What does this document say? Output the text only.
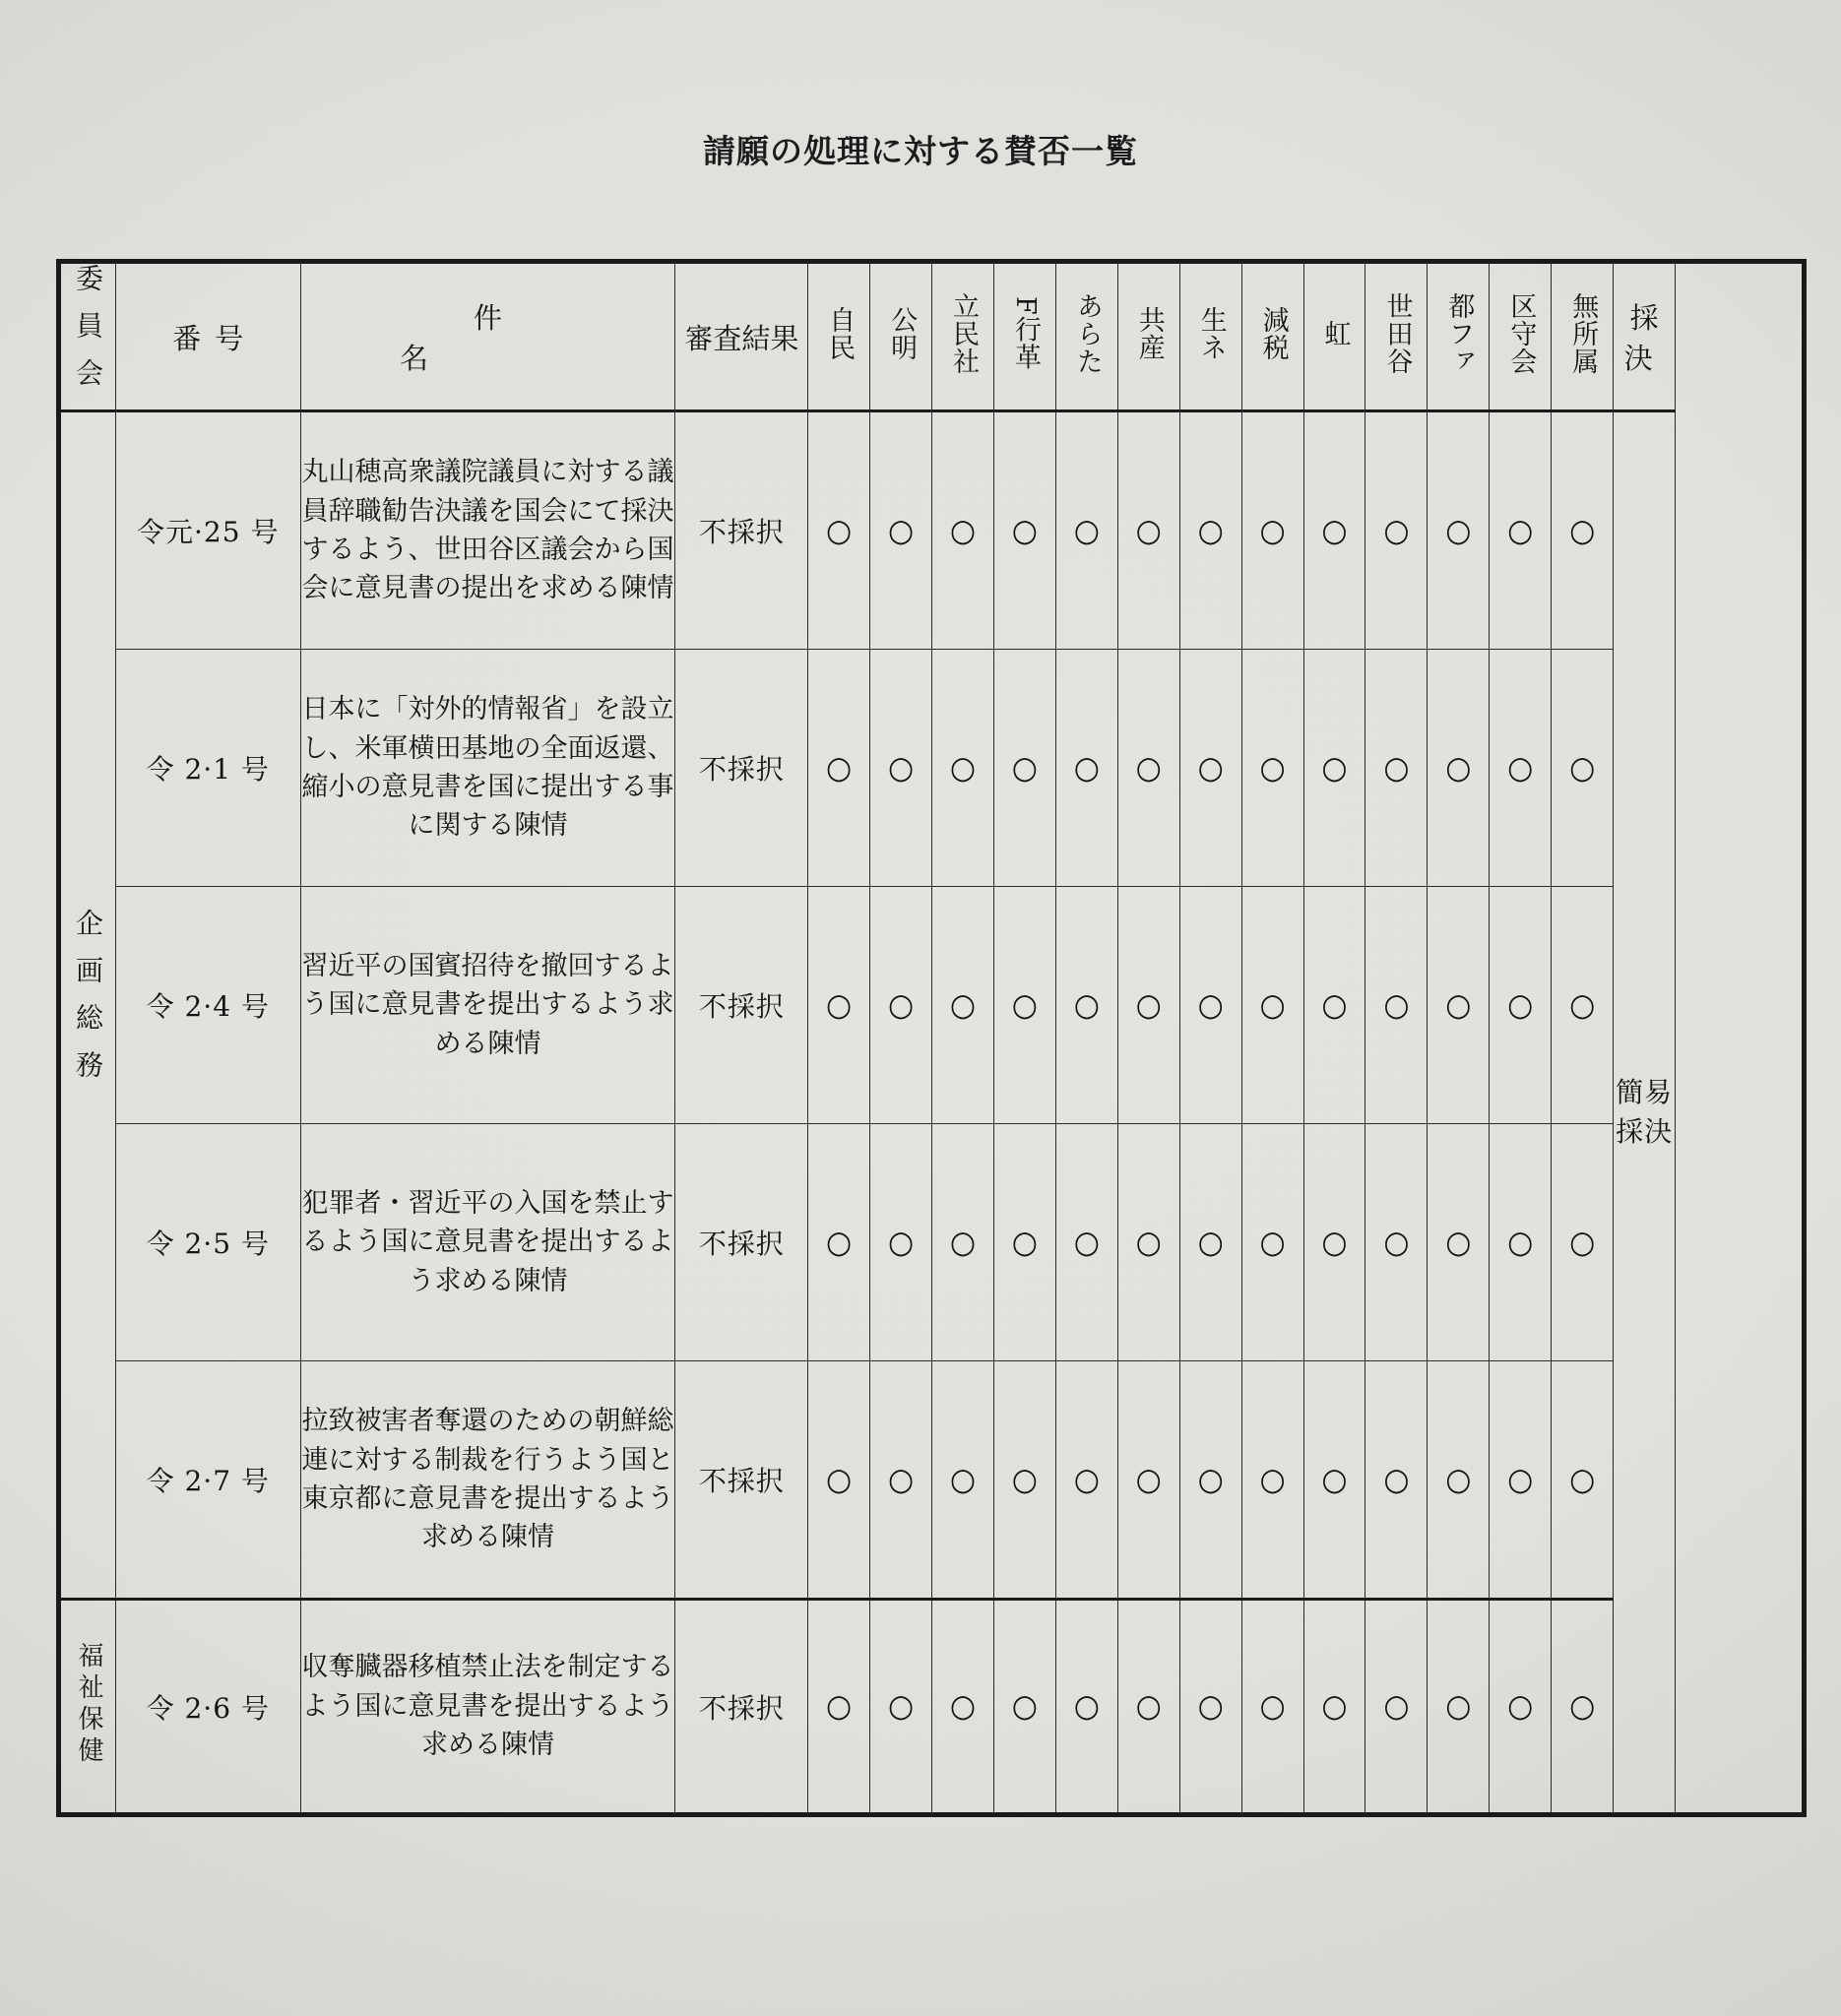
請願の処理に対する賛否一覧
委員会	番号	件名	審査結果	自民	公明	立民社	F行革	あらた	共産	生ネ	減税	虹	世田谷	都ファ	区守会	無所属	採決
企画総務	令元·25 号	丸山穂高衆議院議員に対する議員辞職勧告決議を国会にて採決するよう、世田谷区議会から国会に意見書の提出を求める陳情	不採択	○	○	○	○	○	○	○	○	○	○	○	○	○	簡易採決
	令 2·1 号	日本に「対外的情報省」を設立し、米軍横田基地の全面返還、縮小の意見書を国に提出する事に関する陳情	不採択	○	○	○	○	○	○	○	○	○	○	○	○	○	
	令 2·4 号	習近平の国賓招待を撤回するよう国に意見書を提出するよう求める陳情	不採択	○	○	○	○	○	○	○	○	○	○	○	○	○	
	令 2·5 号	犯罪者・習近平の入国を禁止するよう国に意見書を提出するよう求める陳情	不採択	○	○	○	○	○	○	○	○	○	○	○	○	○	
	令 2·7 号	拉致被害者奪還のための朝鮮総連に対する制裁を行うよう国と東京都に意見書を提出するよう求める陳情	不採択	○	○	○	○	○	○	○	○	○	○	○	○	○	
福祉保健	令 2·6 号	収奪臓器移植禁止法を制定するよう国に意見書を提出するよう求める陳情	不採択	○	○	○	○	○	○	○	○	○	○	○	○	○	
